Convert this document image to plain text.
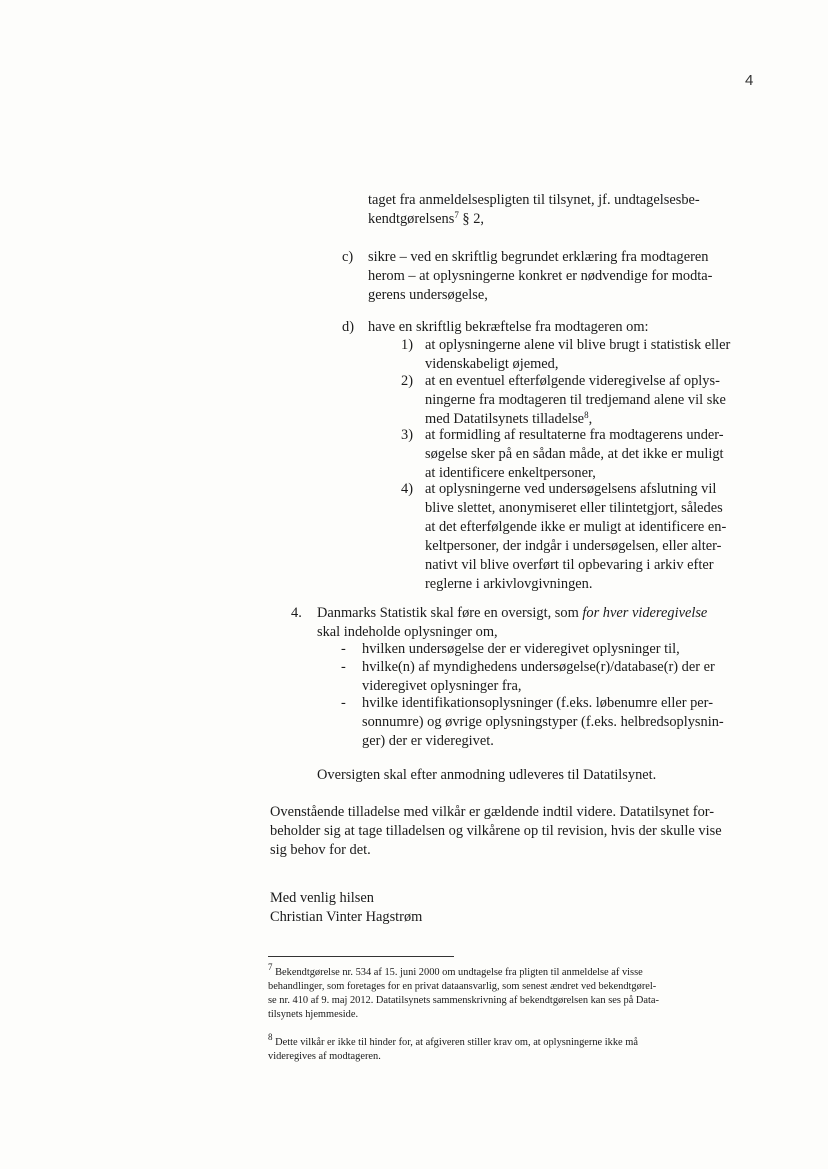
4
taget fra anmeldelsespligten til tilsynet, jf. undtagelsesbe-
kendtgørelsens$^7$ § 2,
c) sikre – ved en skriftlig begrundet erklæring fra modtageren
herom – at oplysningerne konkret er nødvendige for modta-
gerens undersøgelse,
d) have en skriftlig bekræftelse fra modtageren om:
1) at oplysningerne alene vil blive brugt i statistisk eller
videnskabeligt øjemed,
2) at en eventuel efterfølgende videregivelse af oplys-
ningerne fra modtageren til tredjemand alene vil ske
med Datatilsynets tilladelse$^8$,
3) at formidling af resultaterne fra modtagerens under-
søgelse sker på en sådan måde, at det ikke er muligt
at identificere enkeltpersoner,
4) at oplysningerne ved undersøgelsens afslutning vil
blive slettet, anonymiseret eller tilintetgjort, således
at det efterfølgende ikke er muligt at identificere en-
keltpersoner, der indgår i undersøgelsen, eller alter-
nativt vil blive overført til opbevaring i arkiv efter
reglerne i arkivlovgivningen.
4. Danmarks Statistik skal føre en oversigt, som for hver videregivelse
skal indeholde oplysninger om,
- hvilken undersøgelse der er videregivet oplysninger til,
- hvilke(n) af myndighedens undersøgelse(r)/database(r) der er
videregivet oplysninger fra,
- hvilke identifikationsoplysninger (f.eks. løbenumre eller per-
sonnumre) og øvrige oplysningstyper (f.eks. helbredsoplysnin-
ger) der er videregivet.
Oversigten skal efter anmodning udleveres til Datatilsynet.
Ovenstående tilladelse med vilkår er gældende indtil videre. Datatilsynet for-
beholder sig at tage tilladelsen og vilkårene op til revision, hvis der skulle vise
sig behov for det.
Med venlig hilsen
Christian Vinter Hagstrøm
$^7$ Bekendtgørelse nr. 534 af 15. juni 2000 om undtagelse fra pligten til anmeldelse af visse
behandlinger, som foretages for en privat dataansvarlig, som senest ændret ved bekendtgørel-
se nr. 410 af 9. maj 2012. Datatilsynets sammenskrivning af bekendtgørelsen kan ses på Data-
tilsynets hjemmeside.
$^8$ Dette vilkår er ikke til hinder for, at afgiveren stiller krav om, at oplysningerne ikke må
videregives af modtageren.
